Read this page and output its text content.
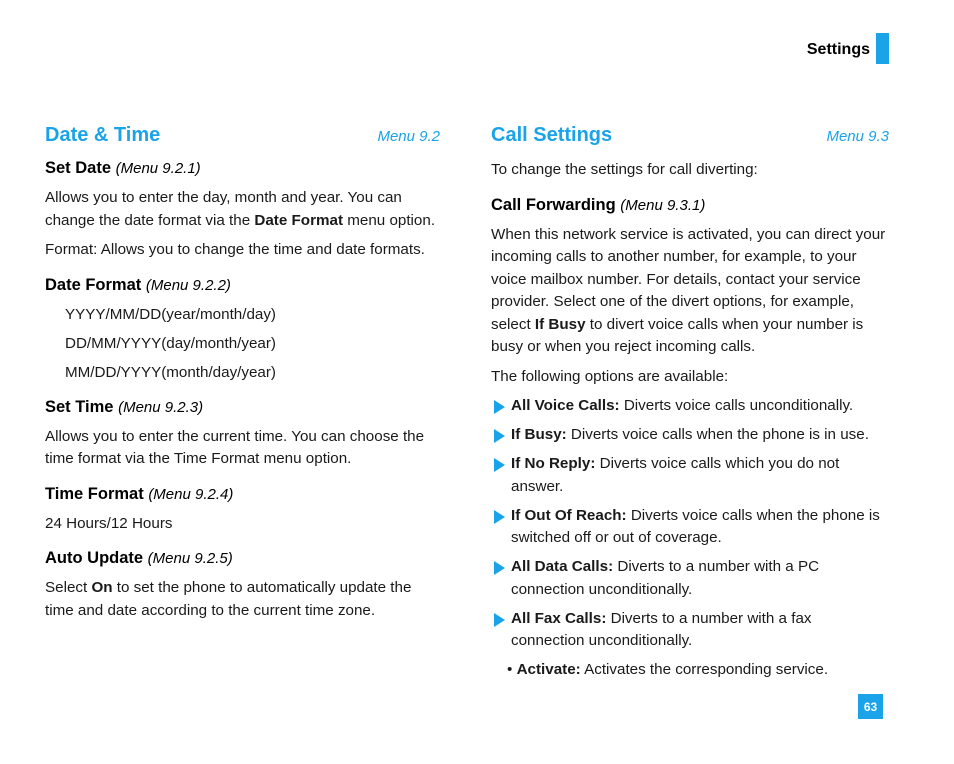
Settings
Date & Time	Menu 9.2
Set Date (Menu 9.2.1)

Allows you to enter the day, month and year. You can change the date format via the Date Format menu option.

Format: Allows you to change the time and date formats.

Date Format (Menu 9.2.2)
YYYY/MM/DD(year/month/day)
DD/MM/YYYY(day/month/year)
MM/DD/YYYY(month/day/year)
Set Time (Menu 9.2.3)

Allows you to enter the current time. You can choose the time format via the Time Format menu option.

Time Format (Menu 9.2.4)

24 Hours/12 Hours

Auto Update (Menu 9.2.5)

Select On to set the phone to automatically update the time and date according to the current time zone.

Call Settings	Menu 9.3

To change the settings for call diverting:

Call Forwarding (Menu 9.3.1)

When this network service is activated, you can direct your incoming calls to another number, for example, to your voice mailbox number. For details, contact your service provider. Select one of the divert options, for example, select If Busy to divert voice calls when your number is busy or when you reject incoming calls.

The following options are available:

All Voice Calls: Diverts voice calls unconditionally.
If Busy: Diverts voice calls when the phone is in use.
If No Reply: Diverts voice calls which you do not answer.
If Out Of Reach: Diverts voice calls when the phone is switched off or out of coverage.
All Data Calls: Diverts to a number with a PC connection unconditionally.
All Fax Calls: Diverts to a number with a fax connection unconditionally.
• Activate: Activates the corresponding service.
63
